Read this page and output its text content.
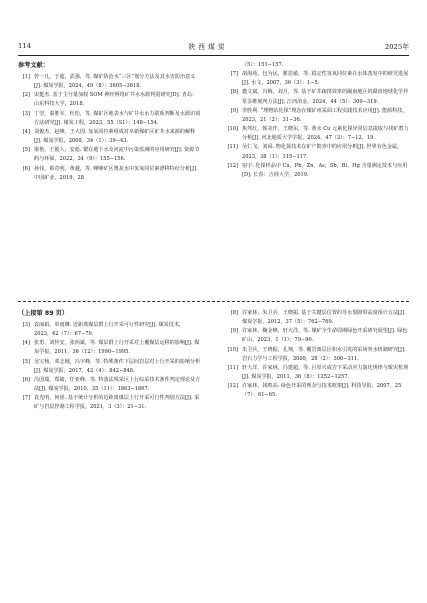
114	陕西煤炭	2025年
参考文献：
[1] 曾一凡，于超，武强，等. 煤矿防治水“三区”划分方法及其水害防治意义[J]. 煤炭学报，2024，49（8）：3605−3618.
[2] 宋挺杰. 基于主分量加权 SOM 神经网络矿井水水源判别研究[D]. 青岛：山东科技大学，2018.
[3] 丁坚，秦胜军，杜松，等. 煤矿区地表水与矿井水水力联系判断及水源识别方法研究[J]. 煤炭工程，2023，55（S1）：148−154.
[4] 刘俊杰，赵峰，王大国. 氢氧同位素组成对阜新煤矿区矿井水来源的解释[J]. 煤炭学报，2009，34（1）：39−43.
[5] 梁艳，王俊人，安彪. 锶在地下水及河流中污染监测的应用研究[J]. 资源节约与环保，2022，34（9）：155−156.
[6] 孙伟，蔡奇明，黄越，等. 峰峰矿区奥灰水中氢氧同位素漂移特征分析[J]. 中国矿业，2019，28
（5）：151−157.
[7] 胡海苑，包为民，瞿思敏，等. 稳定性氢氧同位素在水体蒸发中的研究进展[J]. 水文，2007，36（3）：1−5.
[8] 邀文斌，冯梅，刘月，等. 基于矿井疏排效率的隰南地区钨赣盘地球化学异常多维刻判方法[J]. 江西冶金，2024，44（5）：309−319.
[9] 李胜利. “理物钴化探”理念在煤矿州采面工程实践技术应用[J]. 能源科技，2023，21（2）：31−36.
[10] 焦驾红，韩美作，王晓东，等. 黄水 Cu 元素化探异常信息提取与找矿潜力分析[J]. 河北地质大学学报，2024，47（3）：7−12，19.
[11] 吴仁飞，刘舜. 物化探技术在矿产勘查中的应用分析[J]. 世界有色金属，2023，38（1）：115−117.
[12] 宿宇. 化探样品中 Cu，Pb，Zn，As，Sb，Bi，Hg 含量测定技术与应用[D]. 长春：吉林大学，2019.
（上接第 89 页）
[3] 袁丽娟，单雨琳. 近距离煤层群上行开采可行性研究[J]. 煤炭技术，2023，42（7）：67−70.
[4] 张勇，刘传安，张西斌，等. 煤层群上行开采对上覆煤层运移的影响[J]. 煤炭学报，2011，36（12）：1990−1995.
[5] 吴宝杨，邓志刚，冯宇峰，等. 特殊条件下层间岩层对上行开采的影响分析[J]. 煤炭学报，2017，42（4）：842−848.
[6] 冯国瑞，郑婧，任亚峰，等. 特落法残采区上行综采技术条件判定理论及方法[J]. 煤炭学报，2010，35（11）：1863−1867.
[7] 袁光明，何团. 基于统计分析的近距离煤层上行开采可行性判别方法[J]. 采矿与岩层控制工程学报，2021，3（3）：21−31.
[8] 许家林，朱卫兵，王晓振. 基于关键层位置的导水裂隙带高度预计方法[J]. 煤炭学报，2012，37（5）：762−769.
[9] 许家林，鞠金峰，轩大洋，等. 煤矿全生命周期绿色开采研究展望[J]. 绿色矿山，2023，1（1）：79−90.
[10] 朱卫兵，王晓振，孔翔，等. 覆岩离层区积水引发的采场突水机制研究[J]. 岩石力学与工程学报，2009，28（2）：306−311.
[11] 轩大洋，许家林，冯建超，等. 巨厚火成岩下采动应力演化规律与致灾机理[J]. 煤炭学报，2011，36（8）：1252−1257.
[12] 许家林，钱鸣高. 绿色开采的理念与技术框架[J]. 科技导报，2007，25（7）：61−65.
